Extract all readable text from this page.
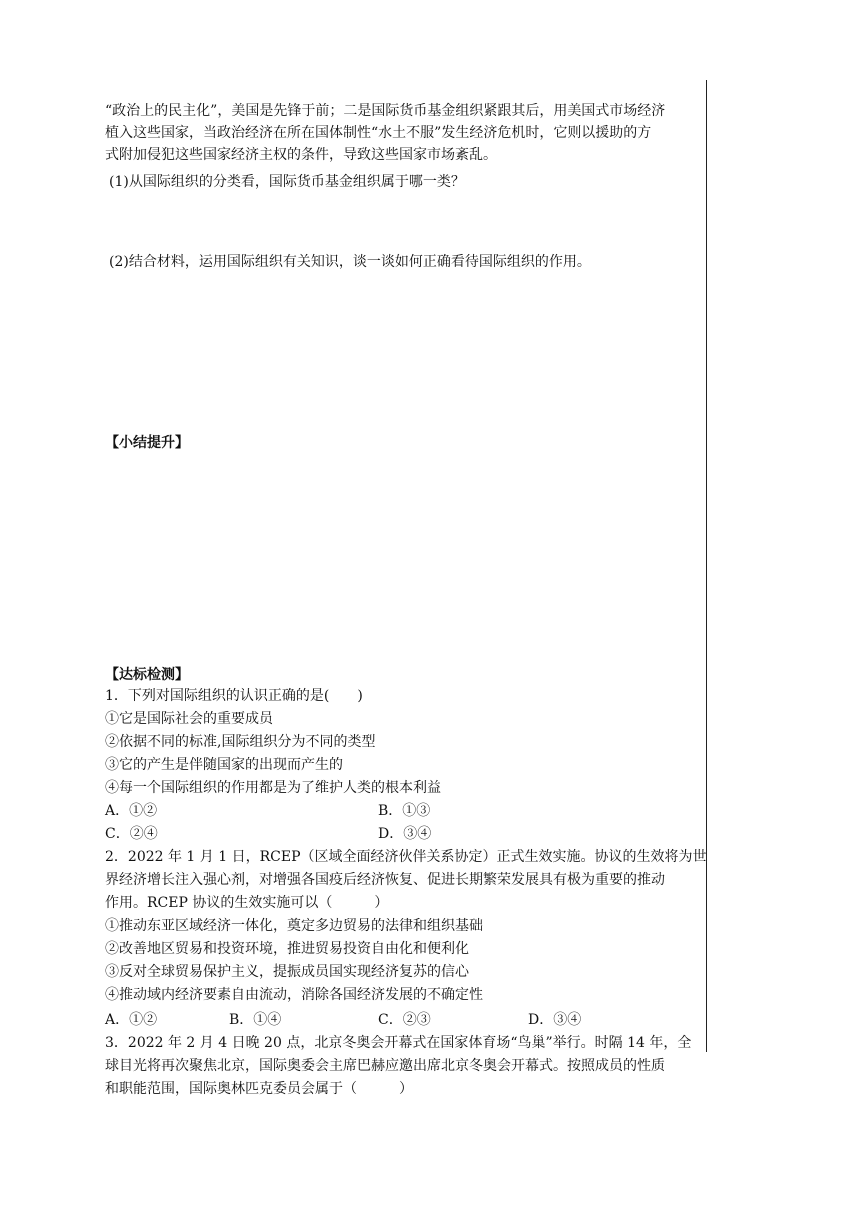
“政治上的民主化”，美国是先锋于前；二是国际货币基金组织紧跟其后，用美国式市场经济
植入这些国家，当政治经济在所在国体制性“水土不服”发生经济危机时，它则以援助的方
式附加侵犯这些国家经济主权的条件，导致这些国家市场紊乱。
(1)从国际组织的分类看，国际货币基金组织属于哪一类？
(2)结合材料，运用国际组织有关知识，谈一谈如何正确看待国际组织的作用。
【小结提升】
【达标检测】
1．下列对国际组织的认识正确的是(　　)
①它是国际社会的重要成员
②依据不同的标准,国际组织分为不同的类型
③它的产生是伴随国家的出现而产生的
④每一个国际组织的作用都是为了维护人类的根本利益
A．①②	B．①③
C．②④	D．③④
2．2022 年 1 月 1 日，RCEP（区域全面经济伙伴关系协定）正式生效实施。协议的生效将为世
界经济增长注入强心剂，对增强各国疫后经济恢复、促进长期繁荣发展具有极为重要的推动
作用。RCEP 协议的生效实施可以（　　　）
①推动东亚区域经济一体化，奠定多边贸易的法律和组织基础
②改善地区贸易和投资环境，推进贸易投资自由化和便利化
③反对全球贸易保护主义，提振成员国实现经济复苏的信心
④推动域内经济要素自由流动，消除各国经济发展的不确定性
A．①②	B．①④	C．②③	D．③④
3．2022 年 2 月 4 日晚 20 点，北京冬奥会开幕式在国家体育场“鸟巢”举行。时隔 14 年，全
球目光将再次聚焦北京，国际奥委会主席巴赫应邀出席北京冬奥会开幕式。按照成员的性质
和职能范围，国际奥林匹克委员会属于（　　　）
